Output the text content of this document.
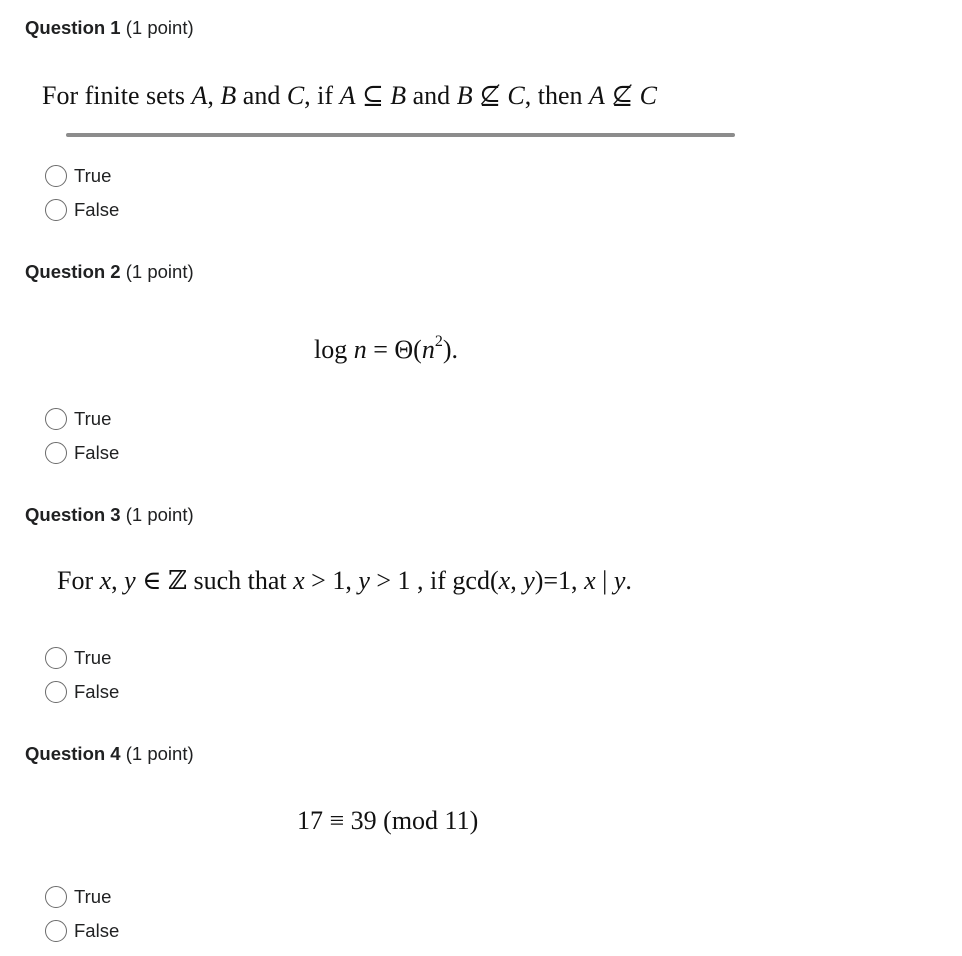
Question 1 (1 point)
For finite sets A, B and C, if A ⊆ B and B ⊈ C, then A ⊈ C
True
False
Question 2 (1 point)
$\log n = \Theta(n^2)$.
True
False
Question 3 (1 point)
For x, y ∈ ℤ such that x > 1, y > 1 , if gcd(x, y)=1, x | y.
True
False
Question 4 (1 point)
17 ≡ 39 (mod 11)
True
False
